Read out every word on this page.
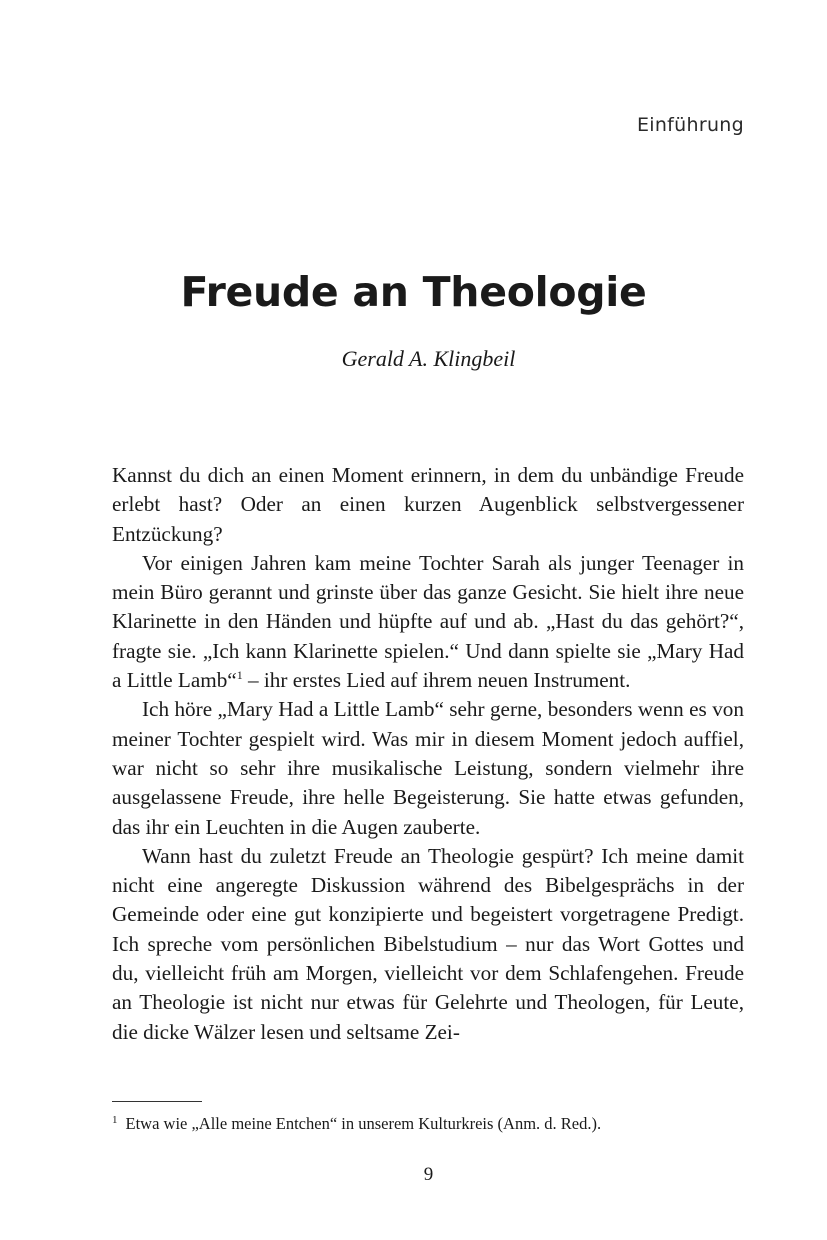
Einführung
Freude an Theologie
Gerald A. Klingbeil

Kannst du dich an einen Moment erinnern, in dem du unbändige Freude erlebt hast? Oder an einen kurzen Augenblick selbstvergessener Entzückung?

Vor einigen Jahren kam meine Tochter Sarah als junger Teenager in mein Büro gerannt und grinste über das ganze Gesicht. Sie hielt ihre neue Klarinette in den Händen und hüpfte auf und ab. „Hast du das gehört?“, fragte sie. „Ich kann Klarinette spielen.“ Und dann spielte sie „Mary Had a Little Lamb“$^1$ – ihr erstes Lied auf ihrem neuen Instrument.

Ich höre „Mary Had a Little Lamb“ sehr gerne, besonders wenn es von meiner Tochter gespielt wird. Was mir in diesem Moment jedoch auffiel, war nicht so sehr ihre musikalische Leistung, sondern vielmehr ihre ausgelassene Freude, ihre helle Begeisterung. Sie hatte etwas gefunden, das ihr ein Leuchten in die Augen zauberte.

Wann hast du zuletzt Freude an Theologie gespürt? Ich meine damit nicht eine angeregte Diskussion während des Bibelgesprächs in der Gemeinde oder eine gut konzipierte und begeistert vorgetragene Predigt. Ich spreche vom persönlichen Bibelstudium – nur das Wort Gottes und du, vielleicht früh am Morgen, vielleicht vor dem Schlafengehen. Freude an Theologie ist nicht nur etwas für Gelehrte und Theologen, für Leute, die dicke Wälzer lesen und seltsame Zei-

$^1$ Etwa wie „Alle meine Entchen“ in unserem Kulturkreis (Anm. d. Red.).
9
